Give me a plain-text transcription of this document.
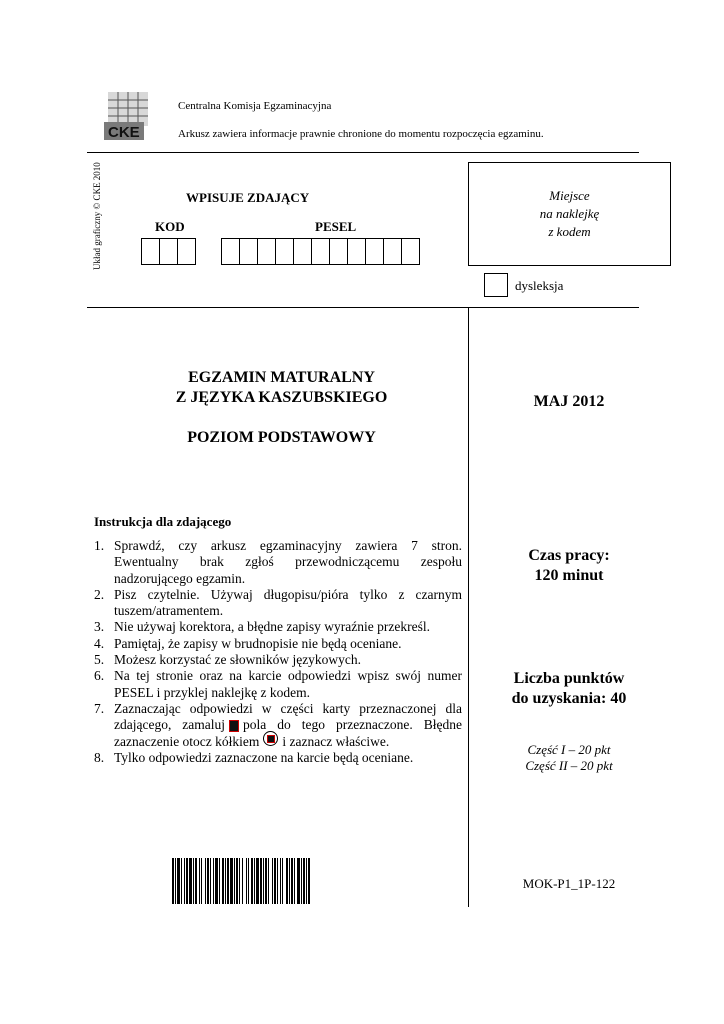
CKE
Centralna Komisja Egzaminacyjna
Arkusz zawiera informacje prawnie chronione do momentu rozpoczęcia egzaminu.
Układ graficzny © CKE 2010	WPISUJE ZDAJĄCY
KOD	PESEL
Miejsce
na naklejkę
z kodem
dysleksja
EGZAMIN MATURALNY
Z JĘZYKA KASZUBSKIEGO
POZIOM PODSTAWOWY
MAJ 2012
Instrukcja dla zdającego
1. Sprawdź, czy arkusz egzaminacyjny zawiera 7 stron. Ewentualny brak zgłoś przewodniczącemu zespołu nadzorującego egzamin.
2. Pisz czytelnie. Używaj długopisu/pióra tylko z czarnym tuszem/atramentem.
3. Nie używaj korektora, a błędne zapisy wyraźnie przekreśl.
4. Pamiętaj, że zapisy w brudnopisie nie będą oceniane.
5. Możesz korzystać ze słowników językowych.
6. Na tej stronie oraz na karcie odpowiedzi wpisz swój numer PESEL i przyklej naklejkę z kodem.
7. Zaznaczając odpowiedzi w części karty przeznaczonej dla zdającego, zamaluj pola do tego przeznaczone. Błędne zaznaczenie otocz kółkiem i zaznacz właściwe.
8. Tylko odpowiedzi zaznaczone na karcie będą oceniane.
Czas pracy:
120 minut
Liczba punktów
do uzyskania: 40
Część I – 20 pkt
Część II – 20 pkt
MOK-P1_1P-122
